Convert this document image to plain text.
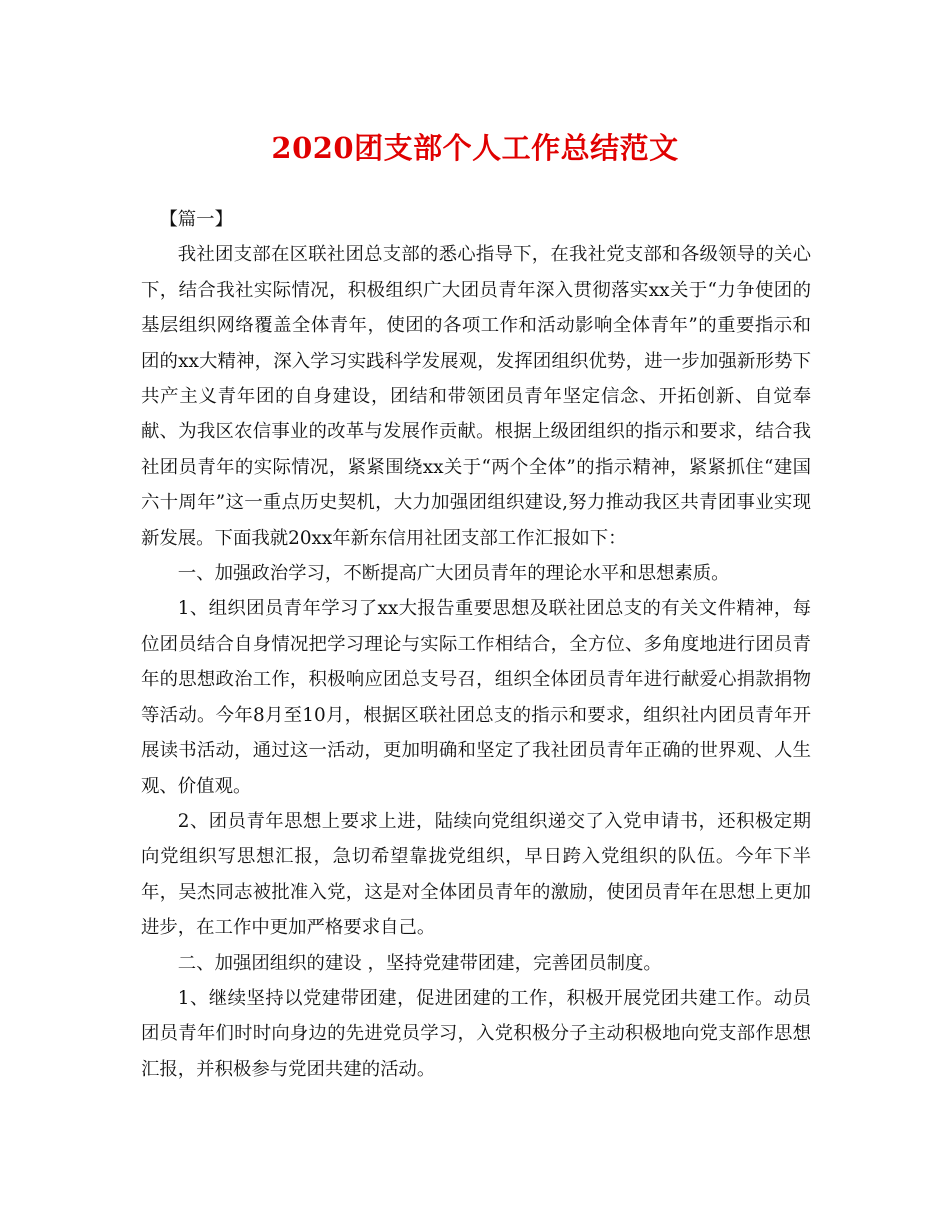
2020团支部个人工作总结范文

【篇一】

我社团支部在区联社团总支部的悉心指导下，在我社党支部和各级领导的关心下，结合我社实际情况，积极组织广大团员青年深入贯彻落实xx关于“力争使团的基层组织网络覆盖全体青年，使团的各项工作和活动影响全体青年”的重要指示和团的xx大精神，深入学习实践科学发展观，发挥团组织优势，进一步加强新形势下共产主义青年团的自身建设，团结和带领团员青年坚定信念、开拓创新、自觉奉献、为我区农信事业的改革与发展作贡献。根据上级团组织的指示和要求，结合我社团员青年的实际情况，紧紧围绕xx关于“两个全体”的指示精神，紧紧抓住“建国六十周年”这一重点历史契机，大力加强团组织建设,努力推动我区共青团事业实现新发展。下面我就20xx年新东信用社团支部工作汇报如下：

一、加强政治学习，不断提高广大团员青年的理论水平和思想素质。

1、组织团员青年学习了xx大报告重要思想及联社团总支的有关文件精神，每位团员结合自身情况把学习理论与实际工作相结合，全方位、多角度地进行团员青年的思想政治工作，积极响应团总支号召，组织全体团员青年进行献爱心捐款捐物等活动。今年8月至10月，根据区联社团总支的指示和要求，组织社内团员青年开展读书活动，通过这一活动，更加明确和坚定了我社团员青年正确的世界观、人生观、价值观。

2、团员青年思想上要求上进，陆续向党组织递交了入党申请书，还积极定期向党组织写思想汇报，急切希望靠拢党组织，早日跨入党组织的队伍。今年下半年，吴杰同志被批准入党，这是对全体团员青年的激励，使团员青年在思想上更加进步，在工作中更加严格要求自己。

二、加强团组织的建设 ，坚持党建带团建，完善团员制度。

1、继续坚持以党建带团建，促进团建的工作，积极开展党团共建工作。动员团员青年们时时向身边的先进党员学习，入党积极分子主动积极地向党支部作思想汇报，并积极参与党团共建的活动。
